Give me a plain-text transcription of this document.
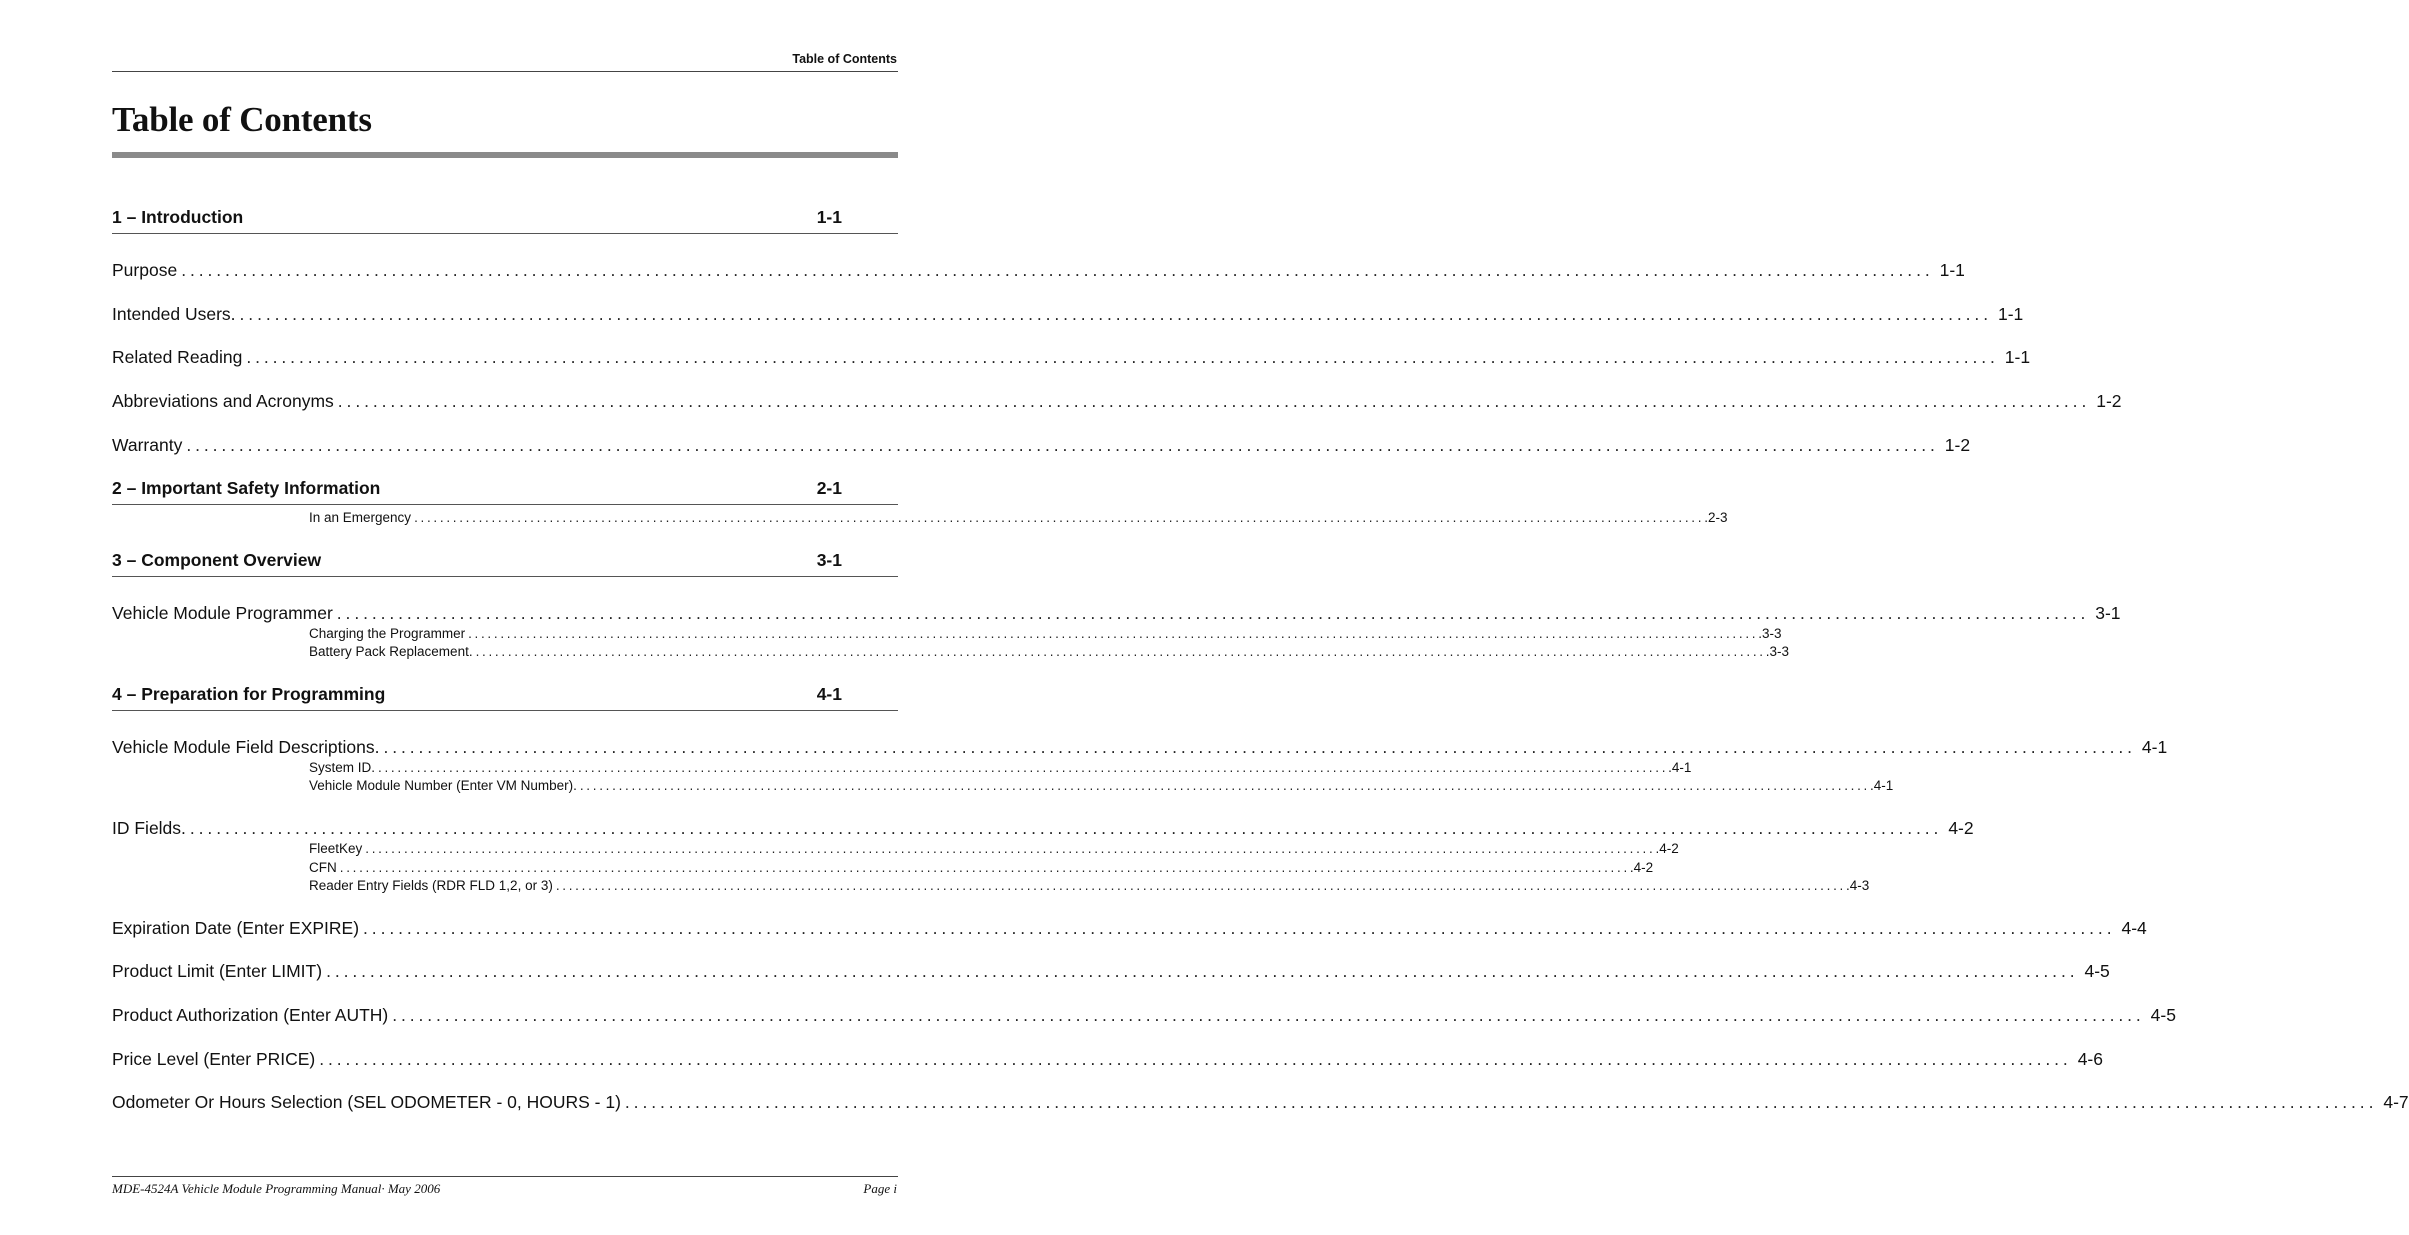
Table of Contents
Table of Contents
1 – Introduction	1-1
Purpose ........................................................................................................................................................................................................ 1-1
Intended Users. ........................................................................................................................................................................................................ 1-1
Related Reading ........................................................................................................................................................................................................ 1-1
Abbreviations and Acronyms ........................................................................................................................................................................................................ 1-2
Warranty ........................................................................................................................................................................................................ 1-2
2 – Important Safety Information	2-1
In an Emergency ........................................................................................................................................................................................................ .2-3
3 – Component Overview	3-1
Vehicle Module Programmer ........................................................................................................................................................................................................ 3-1
Charging the Programmer ........................................................................................................................................................................................................ .3-3
Battery Pack Replacement. ........................................................................................................................................................................................................ .3-3
4 – Preparation for Programming	4-1
Vehicle Module Field Descriptions. ........................................................................................................................................................................................................ 4-1
System ID. ........................................................................................................................................................................................................ .4-1
Vehicle Module Number (Enter VM Number). ........................................................................................................................................................................................................ .4-1
ID Fields. ........................................................................................................................................................................................................ 4-2
FleetKey ........................................................................................................................................................................................................ .4-2
CFN ........................................................................................................................................................................................................ .4-2
Reader Entry Fields (RDR FLD 1,2, or 3) ........................................................................................................................................................................................................ .4-3
Expiration Date (Enter EXPIRE) ........................................................................................................................................................................................................ 4-4
Product Limit (Enter LIMIT) ........................................................................................................................................................................................................ 4-5
Product Authorization (Enter AUTH) ........................................................................................................................................................................................................ 4-5
Price Level (Enter PRICE) ........................................................................................................................................................................................................ 4-6
Odometer Or Hours Selection (SEL ODOMETER - 0, HOURS - 1) ........................................................................................................................................................................................................ 4-7
MDE-4524A Vehicle Module Programming Manual· May 2006	Page i
